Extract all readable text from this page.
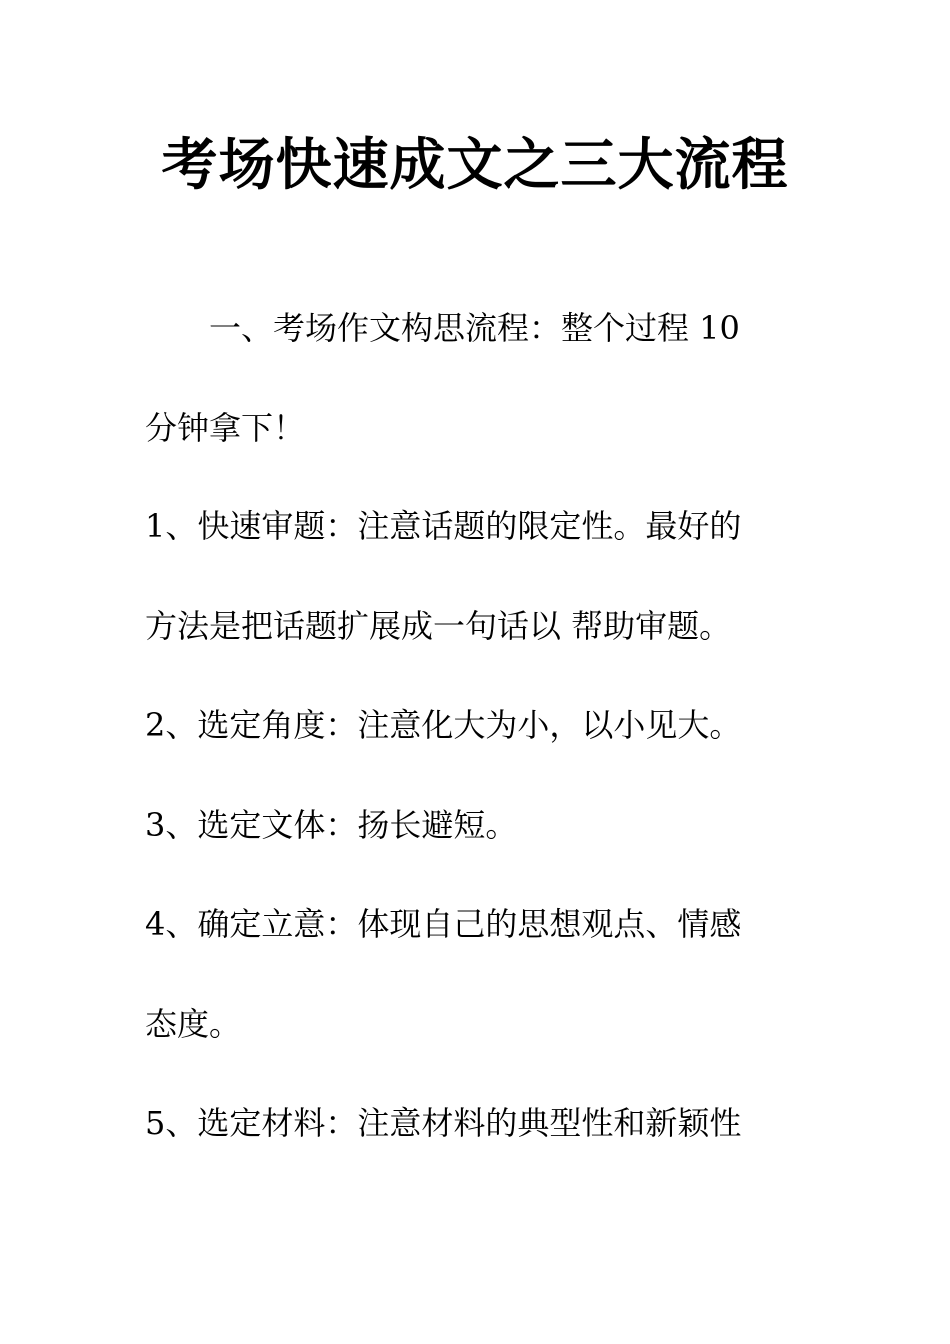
考场快速成文之三大流程
　　一、考场作文构思流程：整个过程 10
分钟拿下！
1、快速审题：注意话题的限定性。最好的
方法是把话题扩展成一句话以 帮助审题。
2、选定角度：注意化大为小，以小见大。
3、选定文体：扬长避短。
4、确定立意：体现自己的思想观点、情感
态度。
5、选定材料：注意材料的典型性和新颖性
